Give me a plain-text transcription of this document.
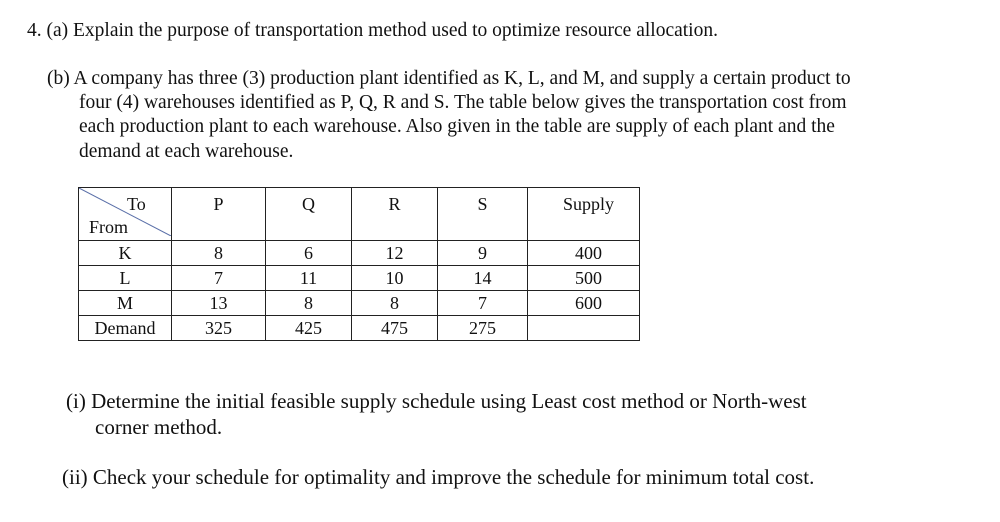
4. (a) Explain the purpose of transportation method used to optimize resource allocation.
(b) A company has three (3) production plant identified as K, L, and M, and supply a certain product to
four (4) warehouses identified as P, Q, R and S. The table below gives the transportation cost from
each production plant to each warehouse. Also given in the table are supply of each plant and the
demand at each warehouse.
To
From	P	Q	R	S	Supply
K	8	6	12	9	400
L	7	11	10	14	500
M	13	8	8	7	600
Demand	325	425	475	275	
(i) Determine the initial feasible supply schedule using Least cost method or North-west
corner method.
(ii) Check your schedule for optimality and improve the schedule for minimum total cost.
